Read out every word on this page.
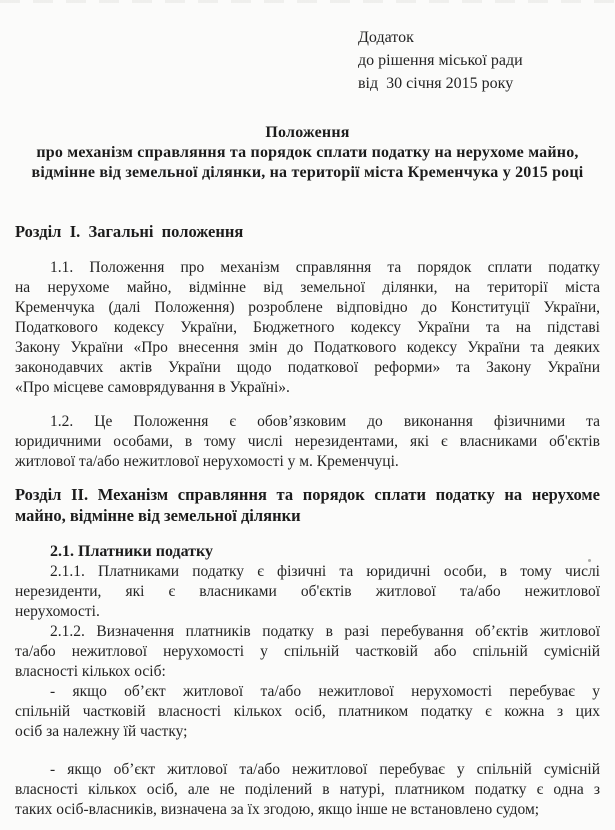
Додаток
до рішення міської ради
від  30 січня 2015 року
Положення
про механізм справляння та порядок сплати податку на нерухоме майно,
відмінне від земельної ділянки, на території міста Кременчука у 2015 році
Розділ  І.  Загальні  положення
1.1. Положення про механізм справляння та порядок сплати податку
на нерухоме майно, відмінне від земельної ділянки, на території міста
Кременчука (далі Положення) розроблене відповідно до Конституції України,
Податкового кодексу України, Бюджетного кодексу України та на підставі
Закону України «Про внесення змін до Податкового кодексу України та деяких
законодавчих актів України щодо податкової реформи» та Закону України
«Про місцеве самоврядування в Україні».
1.2.  Це  Положення  є  обов’язковим  до  виконання  фізичними  та
юридичними особами, в тому числі нерезидентами, які є власниками об'єктів
житлової та/або нежитлової нерухомості у м. Кременчуці.
Розділ ІІ. Механізм справляння та порядок сплати податку на нерухоме
майно, відмінне від земельної ділянки
2.1. Платники податку
2.1.1. Платниками податку є фізичні та юридичні особи, в тому числі
нерезиденти, які є власниками об'єктів житлової та/або нежитлової
нерухомості.
2.1.2. Визначення платників податку в разі перебування об’єктів житлової
та/або нежитлової нерухомості у спільній частковій або спільній сумісній
власності кількох осіб:
- якщо об’єкт житлової та/або нежитлової нерухомості перебуває у
спільній частковій власності кількох осіб, платником податку є кожна з цих
осіб за належну їй частку;
- якщо об’єкт житлової та/або нежитлової перебуває у спільній сумісній
власності кількох осіб, але не поділений в натурі, платником податку є одна з
таких осіб-власників, визначена за їх згодою, якщо інше не встановлено судом;
